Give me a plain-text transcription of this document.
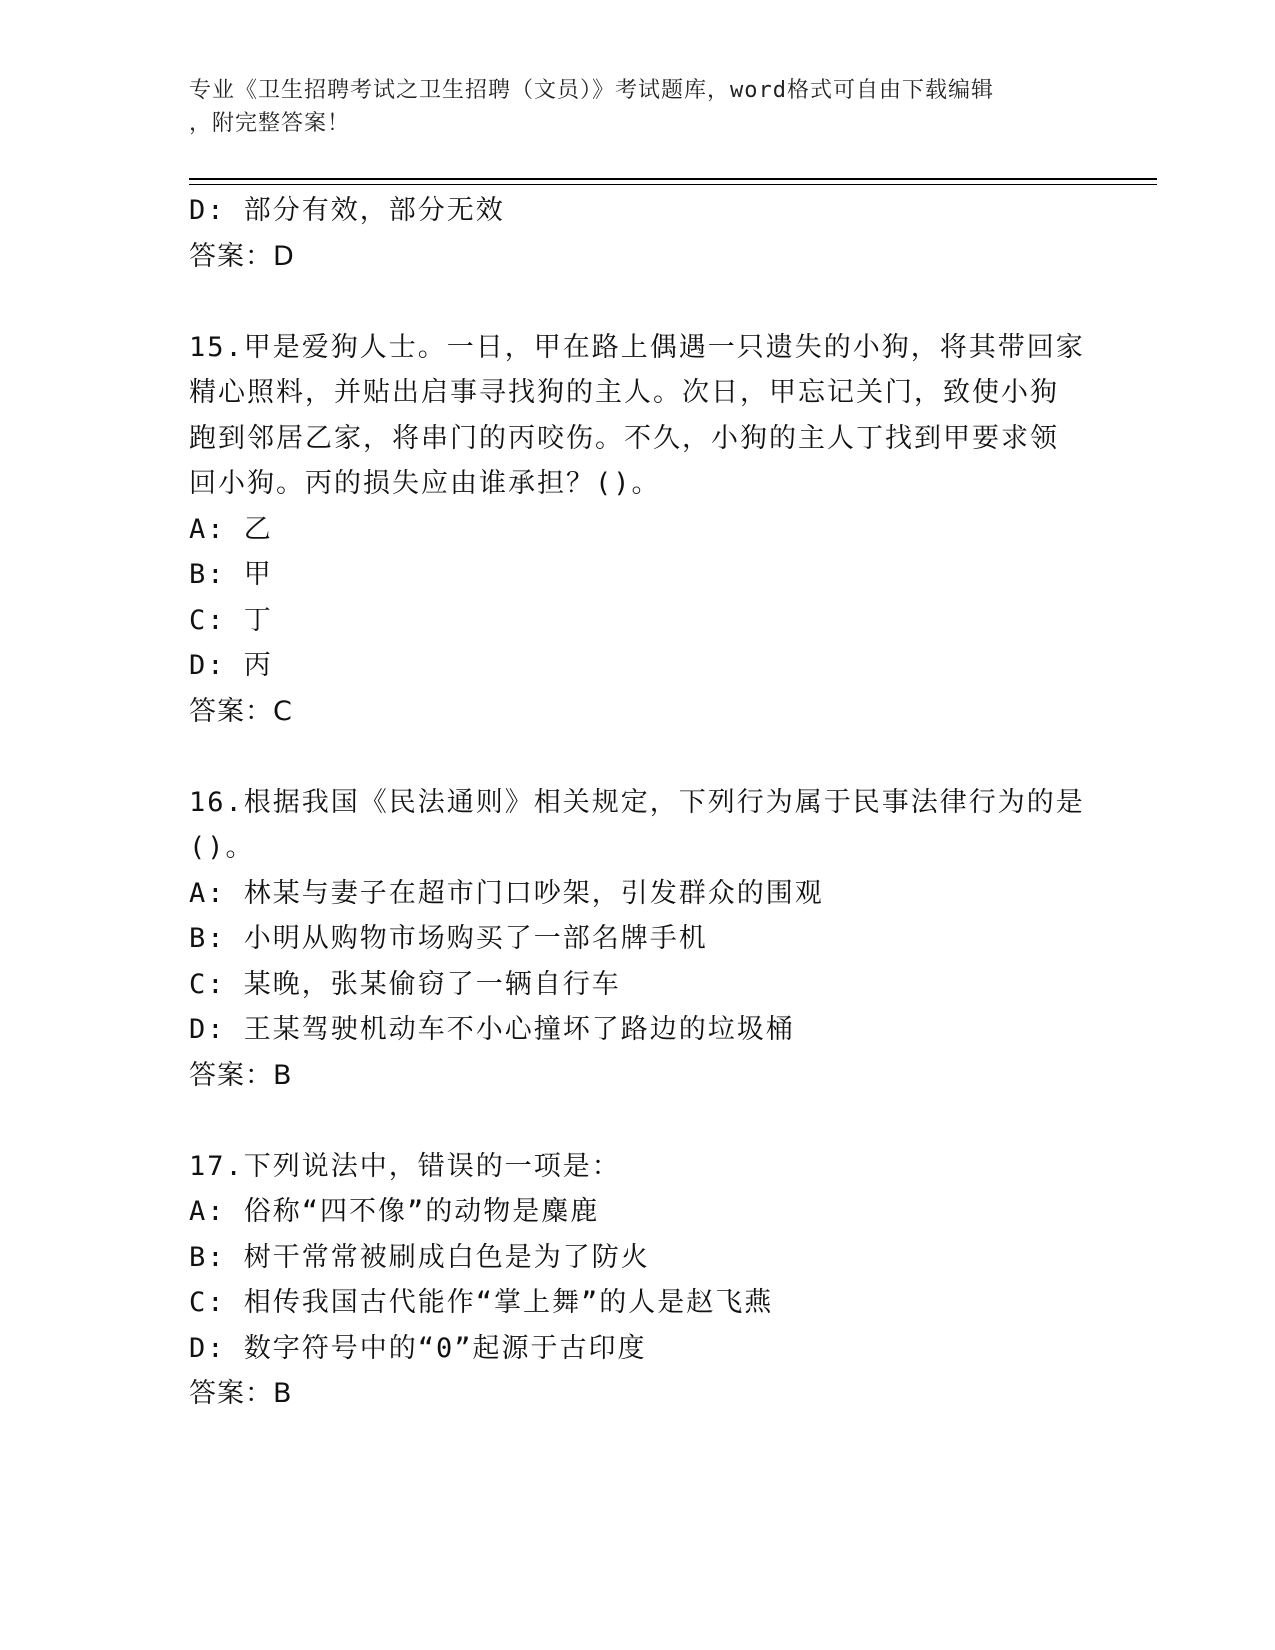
专业《卫生招聘考试之卫生招聘（文员）》考试题库，word格式可自由下载编辑
，附完整答案！
D: 部分有效，部分无效
答案：D
15.甲是爱狗人士。一日，甲在路上偶遇一只遗失的小狗，将其带回家
精心照料，并贴出启事寻找狗的主人。次日，甲忘记关门，致使小狗
跑到邻居乙家，将串门的丙咬伤。不久，小狗的主人丁找到甲要求领
回小狗。丙的损失应由谁承担？()。
A: 乙
B: 甲
C: 丁
D: 丙
答案：C
16.根据我国《民法通则》相关规定，下列行为属于民事法律行为的是
()。
A: 林某与妻子在超市门口吵架，引发群众的围观
B: 小明从购物市场购买了一部名牌手机
C: 某晚，张某偷窃了一辆自行车
D: 王某驾驶机动车不小心撞坏了路边的垃圾桶
答案：B
17.下列说法中，错误的一项是：
A: 俗称“四不像”的动物是麋鹿
B: 树干常常被刷成白色是为了防火
C: 相传我国古代能作“掌上舞”的人是赵飞燕
D: 数字符号中的“0”起源于古印度
答案：B
